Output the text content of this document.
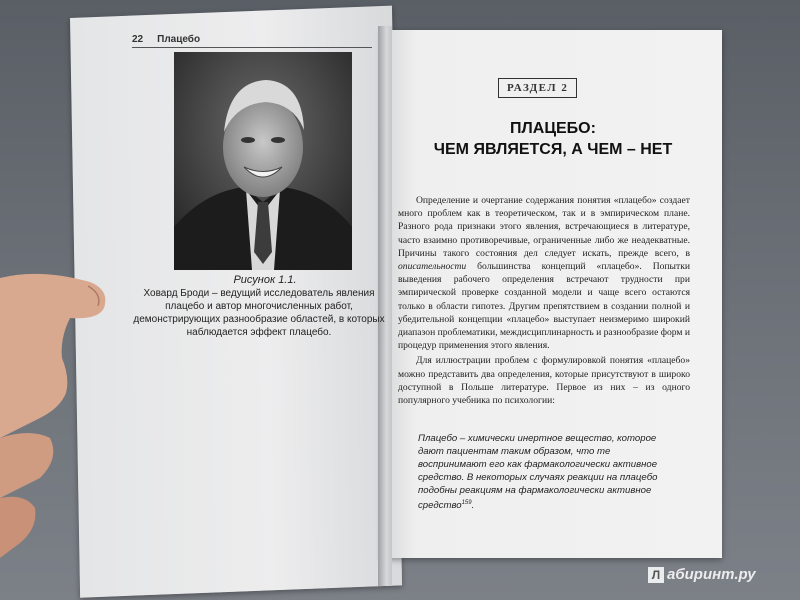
22 Плацебо
Рисунок 1.1.
Ховард Броди – ведущий исследователь явления плацебо и автор многочисленных работ, демонстрирующих разнообразие областей, в которых наблюдается эффект плацебо.
РАЗДЕЛ 2
ПЛАЦЕБО:
ЧЕМ ЯВЛЯЕТСЯ, А ЧЕМ – НЕТ

Определение и очертание содержания понятия «плацебо» создает много проблем как в теоретическом, так и в эмпирическом плане. Разного рода признаки этого явления, встречающиеся в литературе, часто взаимно противоречивые, ограниченные либо же неадекватные. Причины такого состояния дел следует искать, прежде всего, в описательности большинства концепций «плацебо». Попытки выведения рабочего определения встречают трудности при эмпирической проверке созданной модели и чаще всего остаются только в области гипотез. Другим препятствием в создании полной и убедительной концепции «плацебо» выступает неизмеримо широкий диапазон проблематики, междисциплинарность и разнообразие форм и процедур применения этого явления.

Для иллюстрации проблем с формулировкой понятия «плацебо» можно представить два определения, которые присутствуют в широко доступной в Польше литературе. Первое из них – из одного популярного учебника по психологии:

Плацебо – химически инертное вещество, которое дают пациентам таким образом, что те воспринимают его как фармакологически активное средство. В некоторых случаях реакции на плацебо подобны реакциям на фармакологически активное средство$^{159}$.
Л абиринт.ру
